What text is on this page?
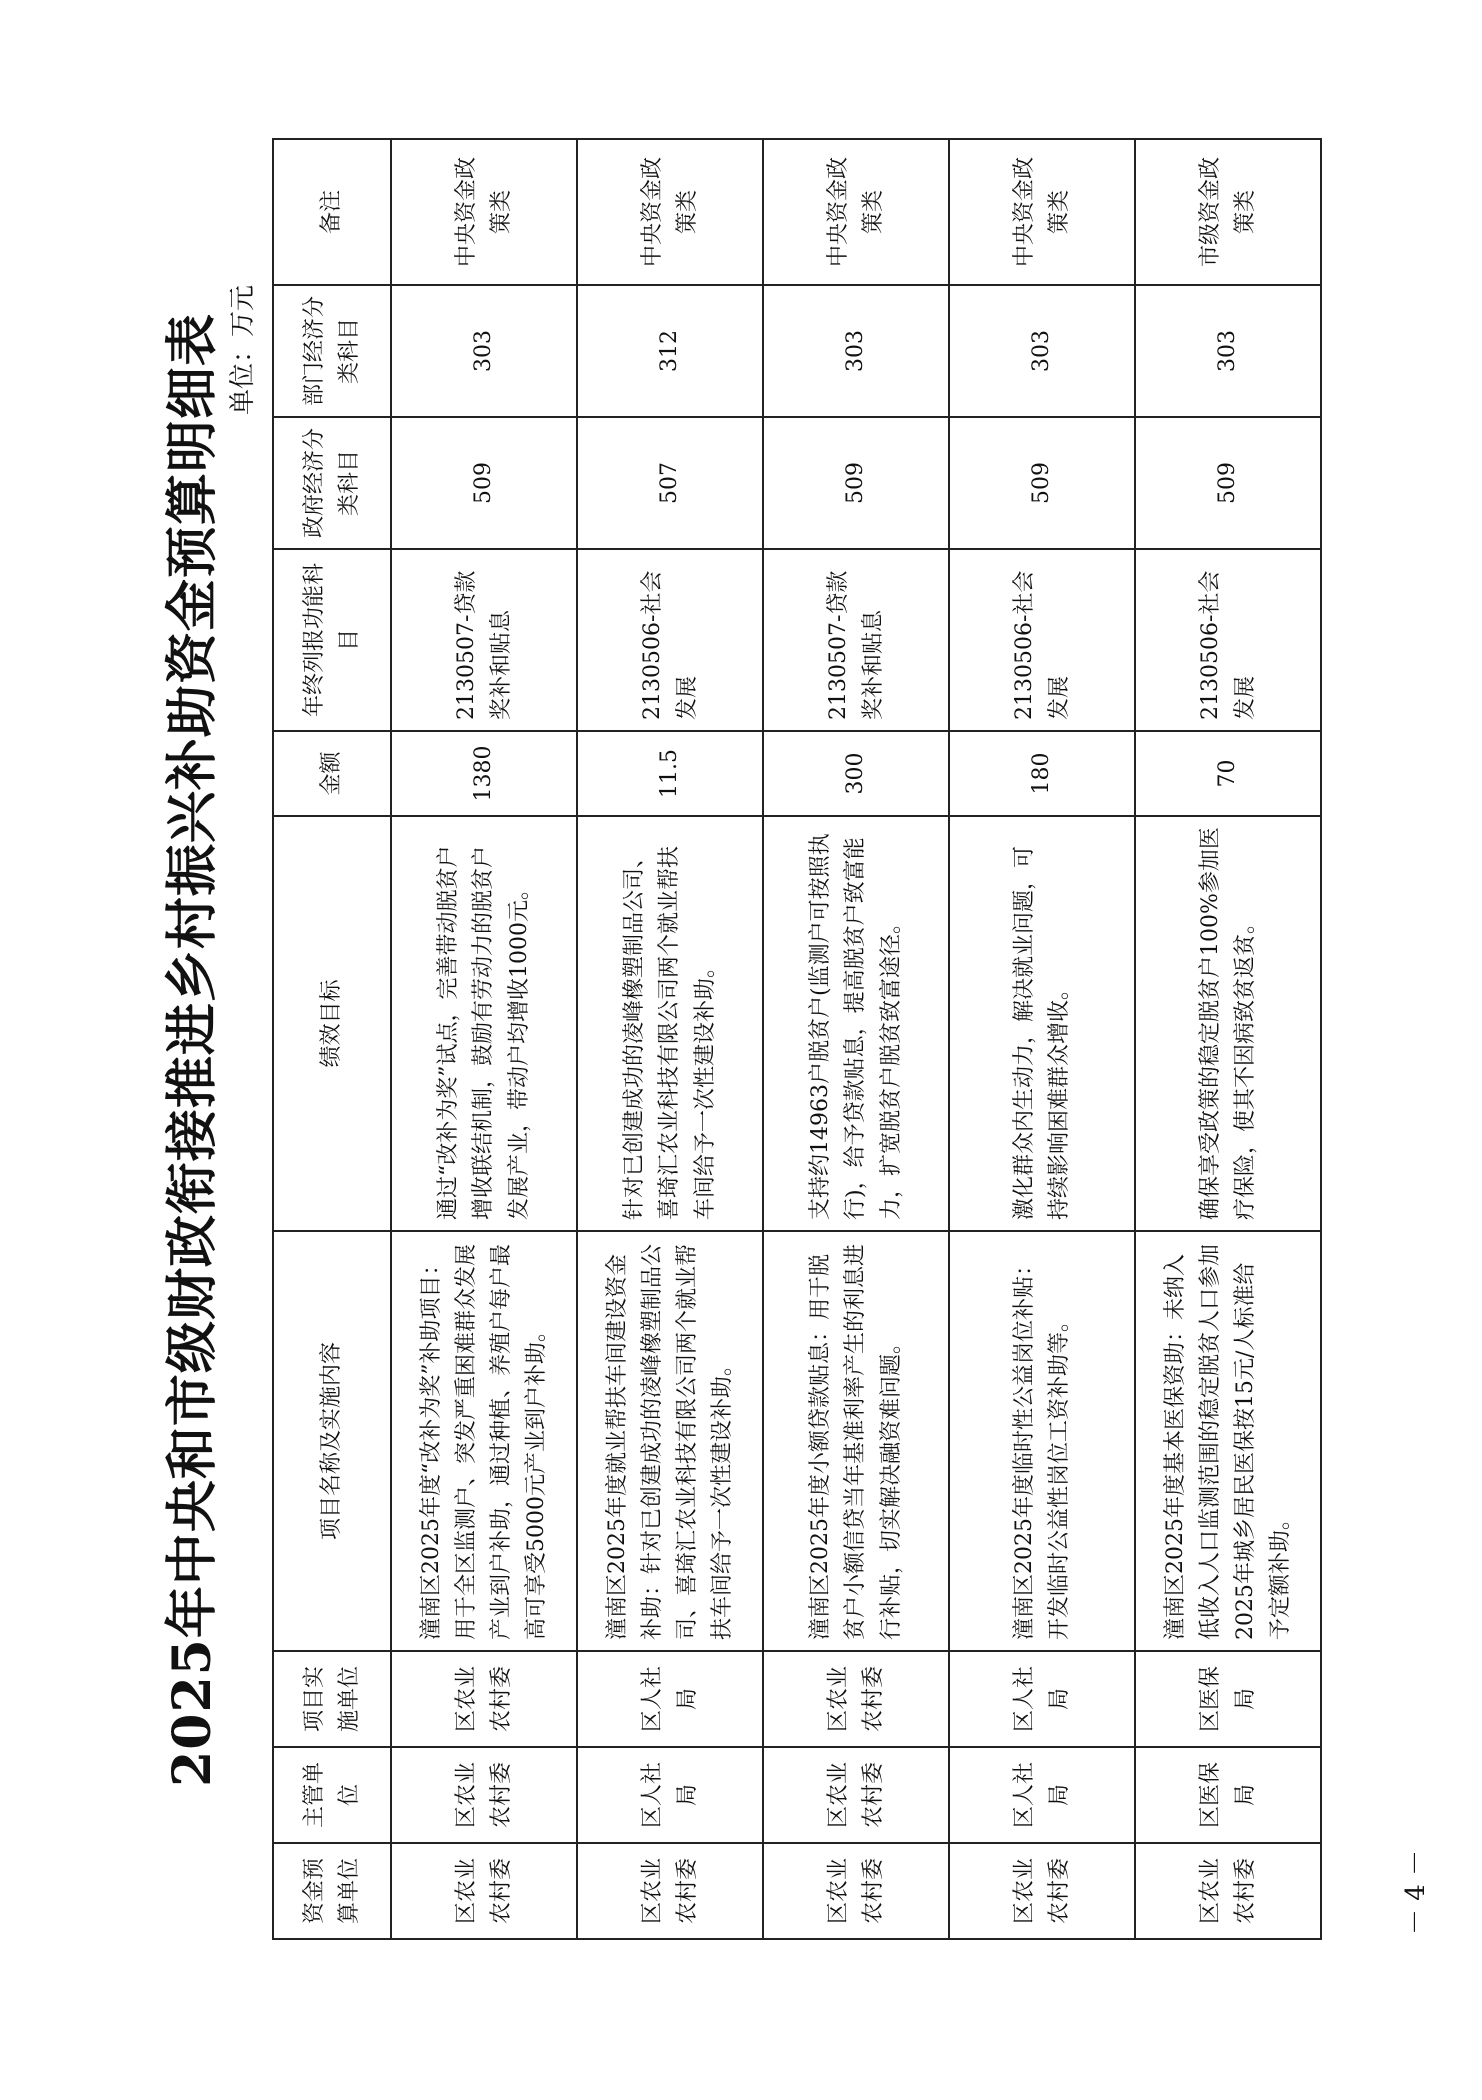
2025年中央和市级财政衔接推进乡村振兴补助资金预算明细表 单位：万元
资金预算单位	主管单位	项目实施单位	项目名称及实施内容	绩效目标	金额	年终列报功能科目	政府经济分类科目	部门经济分类科目	备注
区农业农村委	区农业农村委	区农业农村委	潼南区2025年度“改补为奖”补助项目：用于全区监测户、突发严重困难群众发展产业到户补助，通过种植、养殖户每户最高可享受5000元产业到户补助。	通过“改补为奖”试点，完善带动脱贫户增收联结机制，鼓励有劳动力的脱贫户发展产业，带动户均增收1000元。	1380	2130507-贷款奖补和贴息	509	303	中央资金政策类
区农业农村委	区人社局	区人社局	潼南区2025年度就业帮扶车间建设资金补助：针对已创建成功的凌峰橡塑制品公司、喜琦汇农业科技有限公司两个就业帮扶车间给予一次性建设补助。	针对已创建成功的凌峰橡塑制品公司、喜琦汇农业科技有限公司两个就业帮扶车间给予一次性建设补助。	11.5	2130506-社会发展	507	312	中央资金政策类
区农业农村委	区农业农村委	区农业农村委	潼南区2025年度小额贷款贴息：用于脱贫户小额信贷当年基准利率产生的利息进行补贴，切实解决融资难问题。	支持约14963户脱贫户(监测户可按照执行)，给予贷款贴息，提高脱贫户致富能力，扩宽脱贫户脱贫致富途径。	300	2130507-贷款奖补和贴息	509	303	中央资金政策类
区农业农村委	区人社局	区人社局	潼南区2025年度临时性公益岗位补贴：开发临时公益性岗位工资补助等。	激化群众内生动力，解决就业问题，可持续影响困难群众增收。	180	2130506-社会发展	509	303	中央资金政策类
区农业农村委	区医保局	区医保局	潼南区2025年度基本医保资助：未纳入低收入人口监测范围的稳定脱贫人口参加2025年城乡居民医保按15元/人标准给予定额补助。	确保享受政策的稳定脱贫户100%参加医疗保险，使其不因病致贫返贫。	70	2130506-社会发展	509	303	市级资金政策类
－ 4 －
